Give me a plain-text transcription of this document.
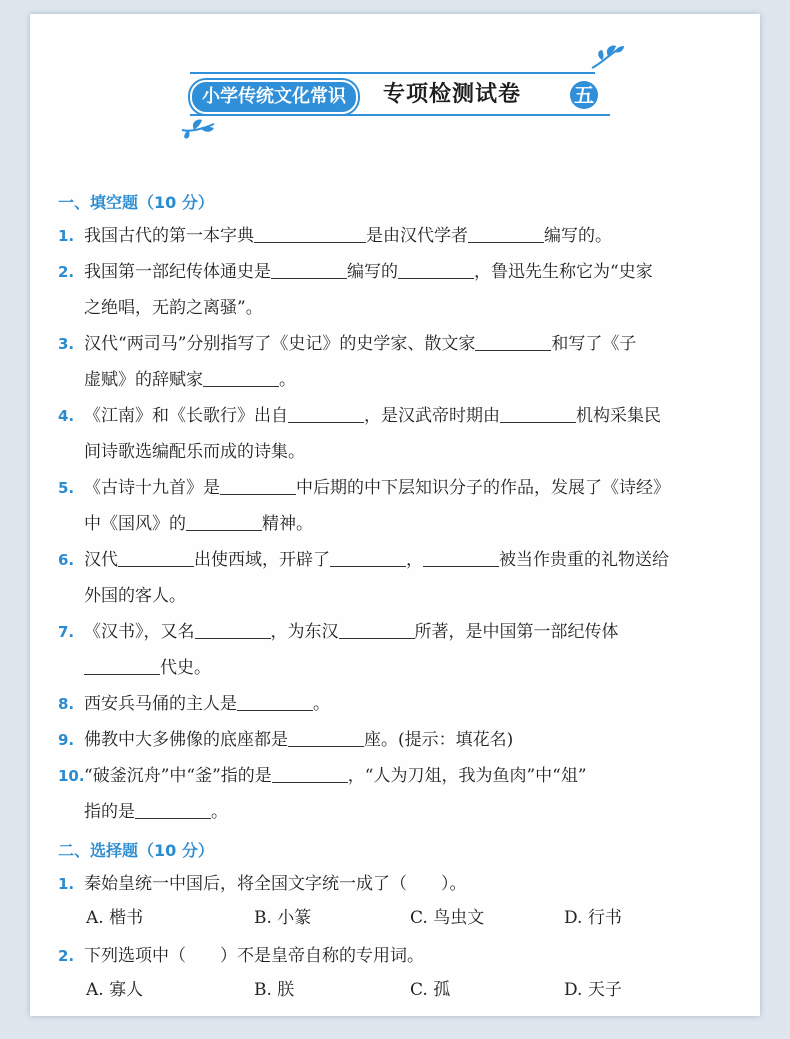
小学传统文化常识	专项检测试卷	五
一、填空题（10 分）
1. 我国古代的第一本字典	是由汉代学者	编写的。
2. 我国第一部纪传体通史是	编写的	，鲁迅先生称它为“史家
之绝唱，无韵之离骚”。
3. 汉代“两司马”分别指写了《史记》的史学家、散文家	和写了《子
虚赋》的辞赋家	。
4. 《江南》和《长歌行》出自	，是汉武帝时期由	机构采集民
间诗歌选编配乐而成的诗集。
5. 《古诗十九首》是	中后期的中下层知识分子的作品，发展了《诗经》
中《国风》的	精神。
6. 汉代	出使西域，开辟了	，	被当作贵重的礼物送给
外国的客人。
7. 《汉书》，又名	，为东汉	所著，是中国第一部纪传体
代史。
8. 西安兵马俑的主人是	。
9. 佛教中大多佛像的底座都是	座。(提示：填花名)
10.“破釜沉舟”中“釜”指的是	，“人为刀俎，我为鱼肉”中“俎”
指的是	。
二、选择题（10 分）
1. 秦始皇统一中国后，将全国文字统一成了（　　）。
A. 楷书	B. 小篆	C. 鸟虫文	D. 行书
2. 下列选项中（　　）不是皇帝自称的专用词。
A. 寡人	B. 朕	C. 孤	D. 天子
